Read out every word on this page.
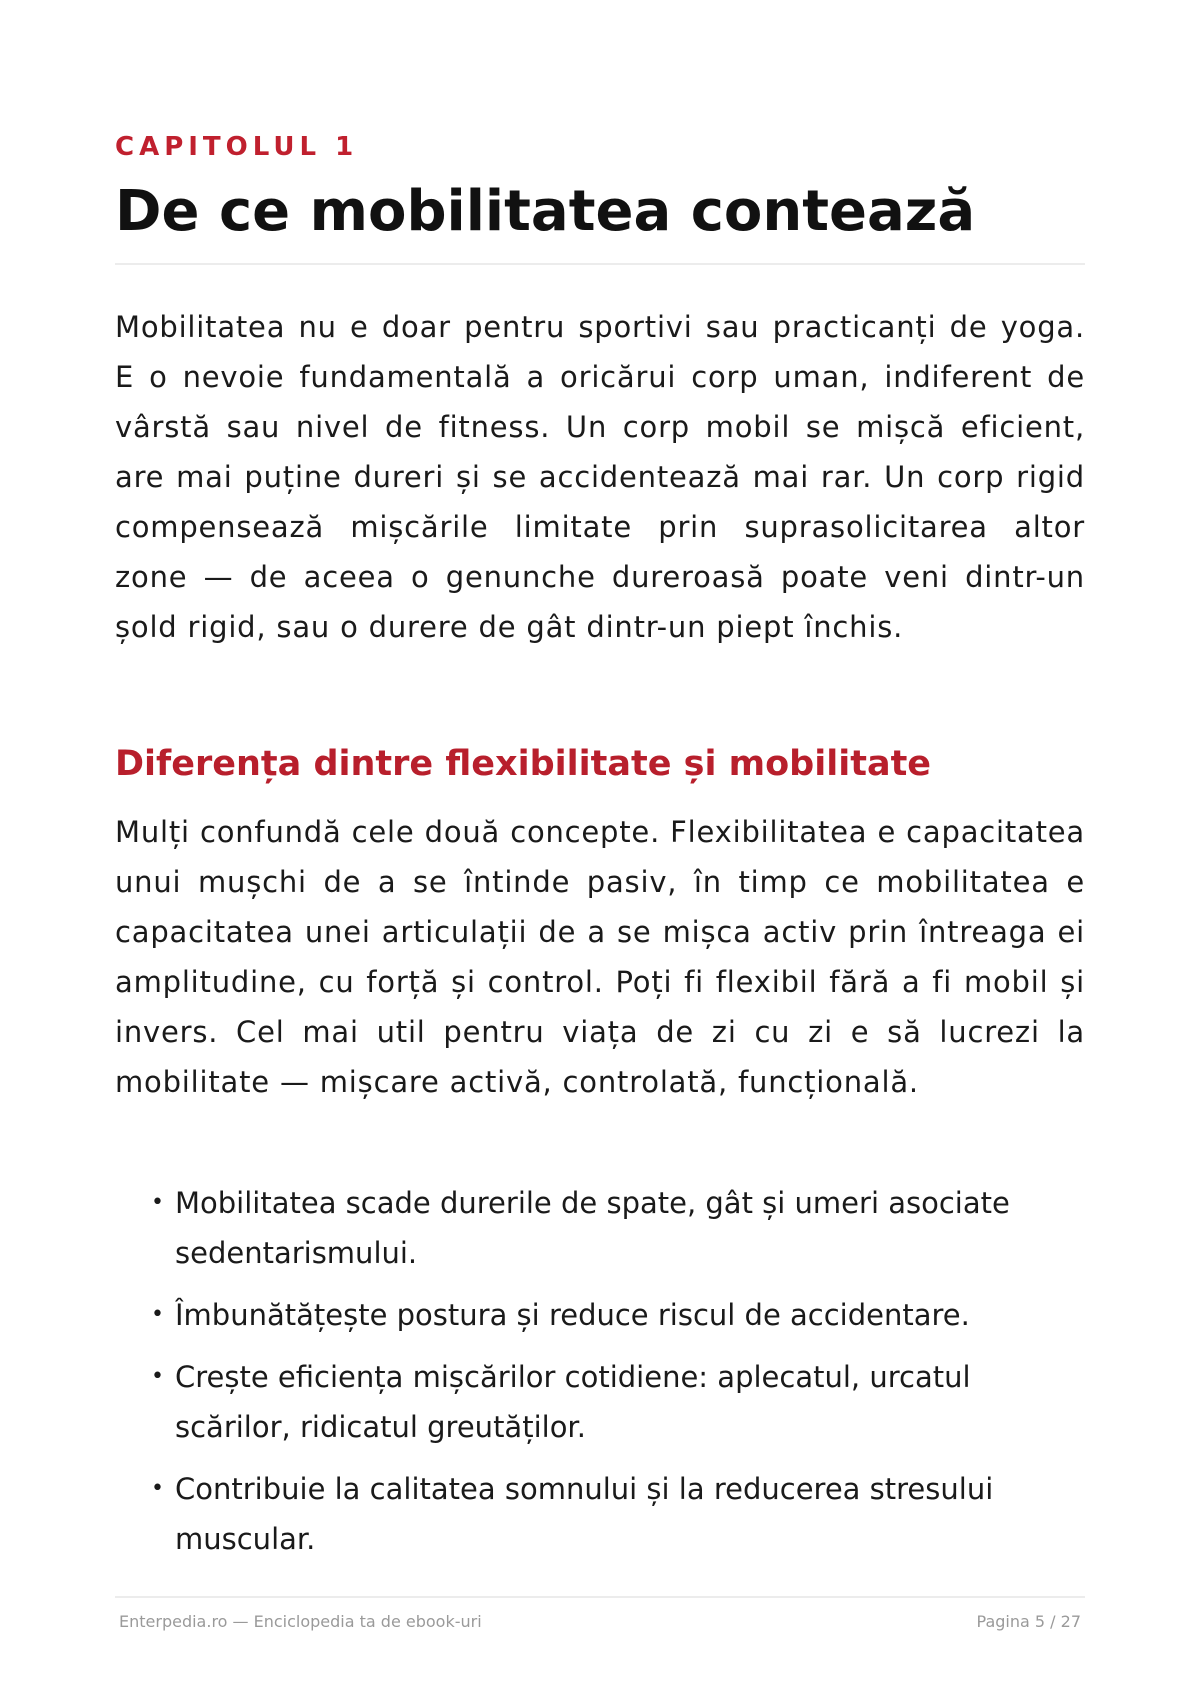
CAPITOLUL 1

De ce mobilitatea contează

Mobilitatea nu e doar pentru sportivi sau practicanți de yoga. E o nevoie fundamentală a oricărui corp uman, indiferent de vârstă sau nivel de fitness. Un corp mobil se mișcă eficient, are mai puține dureri și se accidentează mai rar. Un corp rigid compensează mișcările limitate prin suprasolicitarea altor zone — de aceea o genunche dureroasă poate veni dintr-un șold rigid, sau o durere de gât dintr-un piept închis.

Diferența dintre flexibilitate și mobilitate

Mulți confundă cele două concepte. Flexibilitatea e capacitatea unui mușchi de a se întinde pasiv, în timp ce mobilitatea e capacitatea unei articulații de a se mișca activ prin întreaga ei amplitudine, cu forță și control. Poți fi flexibil fără a fi mobil și invers. Cel mai util pentru viața de zi cu zi e să lucrezi la mobilitate — mișcare activă, controlată, funcțională.

• Mobilitatea scade durerile de spate, gât și umeri asociate sedentarismului.
• Îmbunătățește postura și reduce riscul de accidentare.
• Crește eficiența mișcărilor cotidiene: aplecatul, urcatul scărilor, ridicatul greutăților.
• Contribuie la calitatea somnului și la reducerea stresului muscular.
Enterpedia.ro — Enciclopedia ta de ebook-uri	Pagina 5 / 27
